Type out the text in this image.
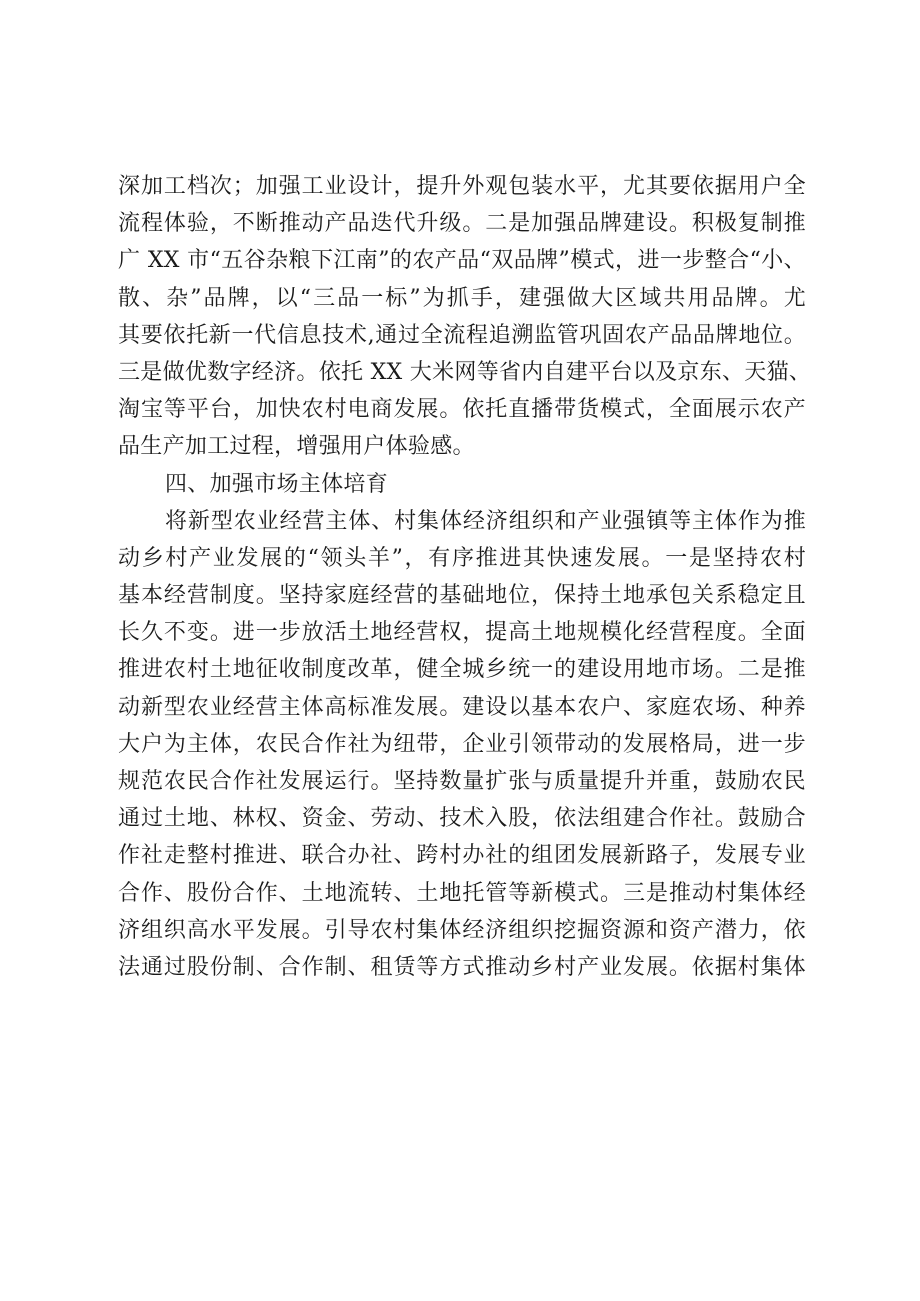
深加工档次；加强工业设计，提升外观包装水平，尤其要依据用户全
流程体验，不断推动产品迭代升级。二是加强品牌建设。积极复制推
广 XX 市“五谷杂粮下江南”的农产品“双品牌”模式，进一步整合“小、
散、杂”品牌，以“三品一标”为抓手，建强做大区域共用品牌。尤
其要依托新一代信息技术,通过全流程追溯监管巩固农产品品牌地位。
三是做优数字经济。依托 XX 大米网等省内自建平台以及京东、天猫、
淘宝等平台，加快农村电商发展。依托直播带货模式，全面展示农产
品生产加工过程，增强用户体验感。
四、加强市场主体培育
将新型农业经营主体、村集体经济组织和产业强镇等主体作为推
动乡村产业发展的“领头羊”，有序推进其快速发展。一是坚持农村
基本经营制度。坚持家庭经营的基础地位，保持土地承包关系稳定且
长久不变。进一步放活土地经营权，提高土地规模化经营程度。全面
推进农村土地征收制度改革，健全城乡统一的建设用地市场。二是推
动新型农业经营主体高标准发展。建设以基本农户、家庭农场、种养
大户为主体，农民合作社为纽带，企业引领带动的发展格局，进一步
规范农民合作社发展运行。坚持数量扩张与质量提升并重，鼓励农民
通过土地、林权、资金、劳动、技术入股，依法组建合作社。鼓励合
作社走整村推进、联合办社、跨村办社的组团发展新路子，发展专业
合作、股份合作、土地流转、土地托管等新模式。三是推动村集体经
济组织高水平发展。引导农村集体经济组织挖掘资源和资产潜力，依
法通过股份制、合作制、租赁等方式推动乡村产业发展。依据村集体
